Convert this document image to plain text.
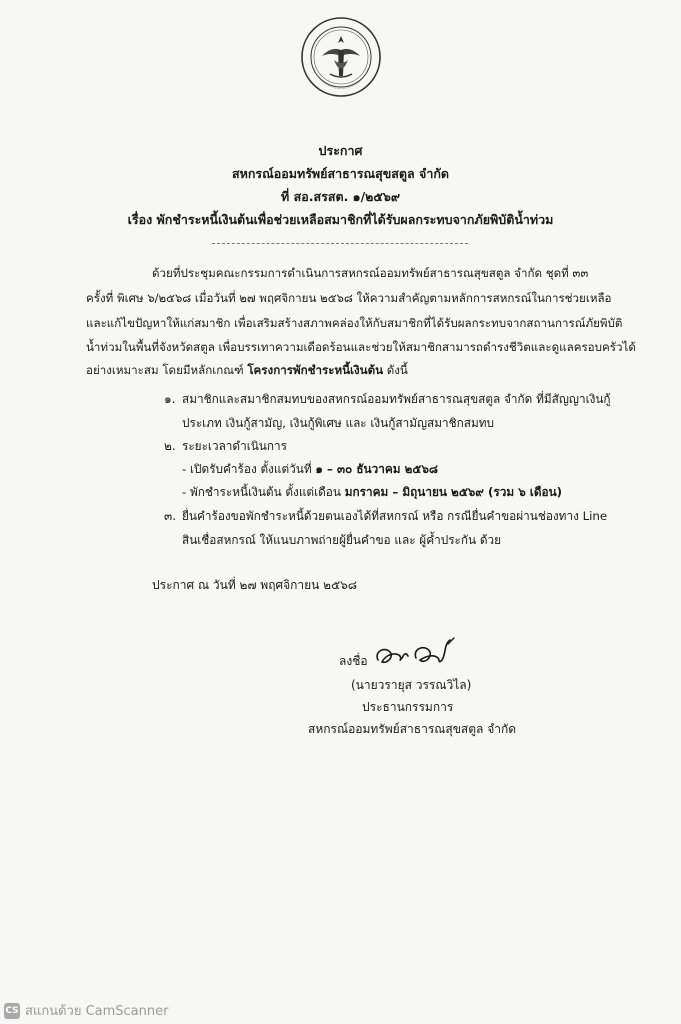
ประกาศ
สหกรณ์ออมทรัพย์สาธารณสุขสตูล จำกัด
ที่ สอ.สรสต. ๑/๒๕๖๙
เรื่อง พักชำระหนี้เงินต้นเพื่อช่วยเหลือสมาชิกที่ได้รับผลกระทบจากภัยพิบัติน้ำท่วม
ด้วยที่ประชุมคณะกรรมการดำเนินการสหกรณ์ออมทรัพย์สาธารณสุขสตูล จำกัด ชุดที่ ๓๓
ครั้งที่ พิเศษ ๖/๒๕๖๘ เมื่อวันที่ ๒๗ พฤศจิกายน ๒๕๖๘ ให้ความสำคัญตามหลักการสหกรณ์ในการช่วยเหลือ
และแก้ไขปัญหาให้แก่สมาชิก เพื่อเสริมสร้างสภาพคล่องให้กับสมาชิกที่ได้รับผลกระทบจากสถานการณ์ภัยพิบัติ
น้ำท่วมในพื้นที่จังหวัดสตูล เพื่อบรรเทาความเดือดร้อนและช่วยให้สมาชิกสามารถดำรงชีวิตและดูแลครอบครัวได้
อย่างเหมาะสม โดยมีหลักเกณฑ์ โครงการพักชำระหนี้เงินต้น ดังนี้
๑. สมาชิกและสมาชิกสมทบของสหกรณ์ออมทรัพย์สาธารณสุขสตูล จำกัด ที่มีสัญญาเงินกู้
ประเภท เงินกู้สามัญ, เงินกู้พิเศษ และ เงินกู้สามัญสมาชิกสมทบ
๒. ระยะเวลาดำเนินการ
- เปิดรับคำร้อง ตั้งแต่วันที่ ๑ – ๓๐ ธันวาคม ๒๕๖๘
- พักชำระหนี้เงินต้น ตั้งแต่เดือน มกราคม – มิถุนายน ๒๕๖๙ (รวม ๖ เดือน)
๓. ยื่นคำร้องขอพักชำระหนี้ด้วยตนเองได้ที่สหกรณ์ หรือ กรณียื่นคำขอผ่านช่องทาง Line
สินเชื่อสหกรณ์ ให้แนบภาพถ่ายผู้ยื่นคำขอ และ ผู้ค้ำประกัน ด้วย
ประกาศ ณ วันที่ ๒๗ พฤศจิกายน ๒๕๖๘
ลงชื่อ
(นายวรายุส วรรณวิไล)
ประธานกรรมการ
สหกรณ์ออมทรัพย์สาธารณสุขสตูล จำกัด
CS สแกนด้วย CamScanner
